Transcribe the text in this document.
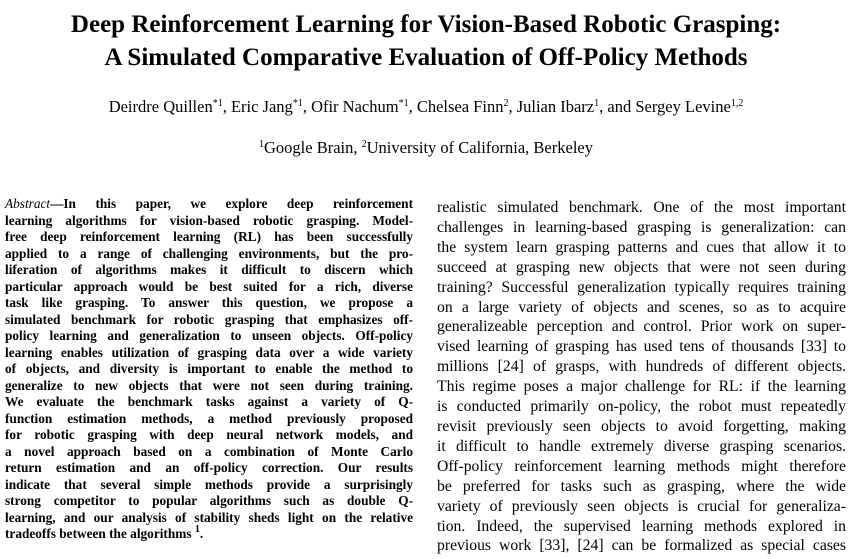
Deep Reinforcement Learning for Vision-Based Robotic Grasping:
A Simulated Comparative Evaluation of Off-Policy Methods
Deirdre Quillen$^{*1}$, Eric Jang$^{*1}$, Ofir Nachum$^{*1}$, Chelsea Finn$^2$, Julian Ibarz$^1$, and Sergey Levine$^{1,2}$
$^1$Google Brain, $^2$University of California, Berkeley
Abstract—In this paper, we explore deep reinforcement
learning algorithms for vision-based robotic grasping. Model-
free deep reinforcement learning (RL) has been successfully
applied to a range of challenging environments, but the pro-
liferation of algorithms makes it difficult to discern which
particular approach would be best suited for a rich, diverse
task like grasping. To answer this question, we propose a
simulated benchmark for robotic grasping that emphasizes off-
policy learning and generalization to unseen objects. Off-policy
learning enables utilization of grasping data over a wide variety
of objects, and diversity is important to enable the method to
generalize to new objects that were not seen during training.
We evaluate the benchmark tasks against a variety of Q-
function estimation methods, a method previously proposed
for robotic grasping with deep neural network models, and
a novel approach based on a combination of Monte Carlo
return estimation and an off-policy correction. Our results
indicate that several simple methods provide a surprisingly
strong competitor to popular algorithms such as double Q-
learning, and our analysis of stability sheds light on the relative
tradeoffs between the algorithms $^1$.
realistic simulated benchmark. One of the most important
challenges in learning-based grasping is generalization: can
the system learn grasping patterns and cues that allow it to
succeed at grasping new objects that were not seen during
training? Successful generalization typically requires training
on a large variety of objects and scenes, so as to acquire
generalizeable perception and control. Prior work on super-
vised learning of grasping has used tens of thousands [33] to
millions [24] of grasps, with hundreds of different objects.
This regime poses a major challenge for RL: if the learning
is conducted primarily on-policy, the robot must repeatedly
revisit previously seen objects to avoid forgetting, making
it difficult to handle extremely diverse grasping scenarios.
Off-policy reinforcement learning methods might therefore
be preferred for tasks such as grasping, where the wide
variety of previously seen objects is crucial for generaliza-
tion. Indeed, the supervised learning methods explored in
previous work [33], [24] can be formalized as special cases
